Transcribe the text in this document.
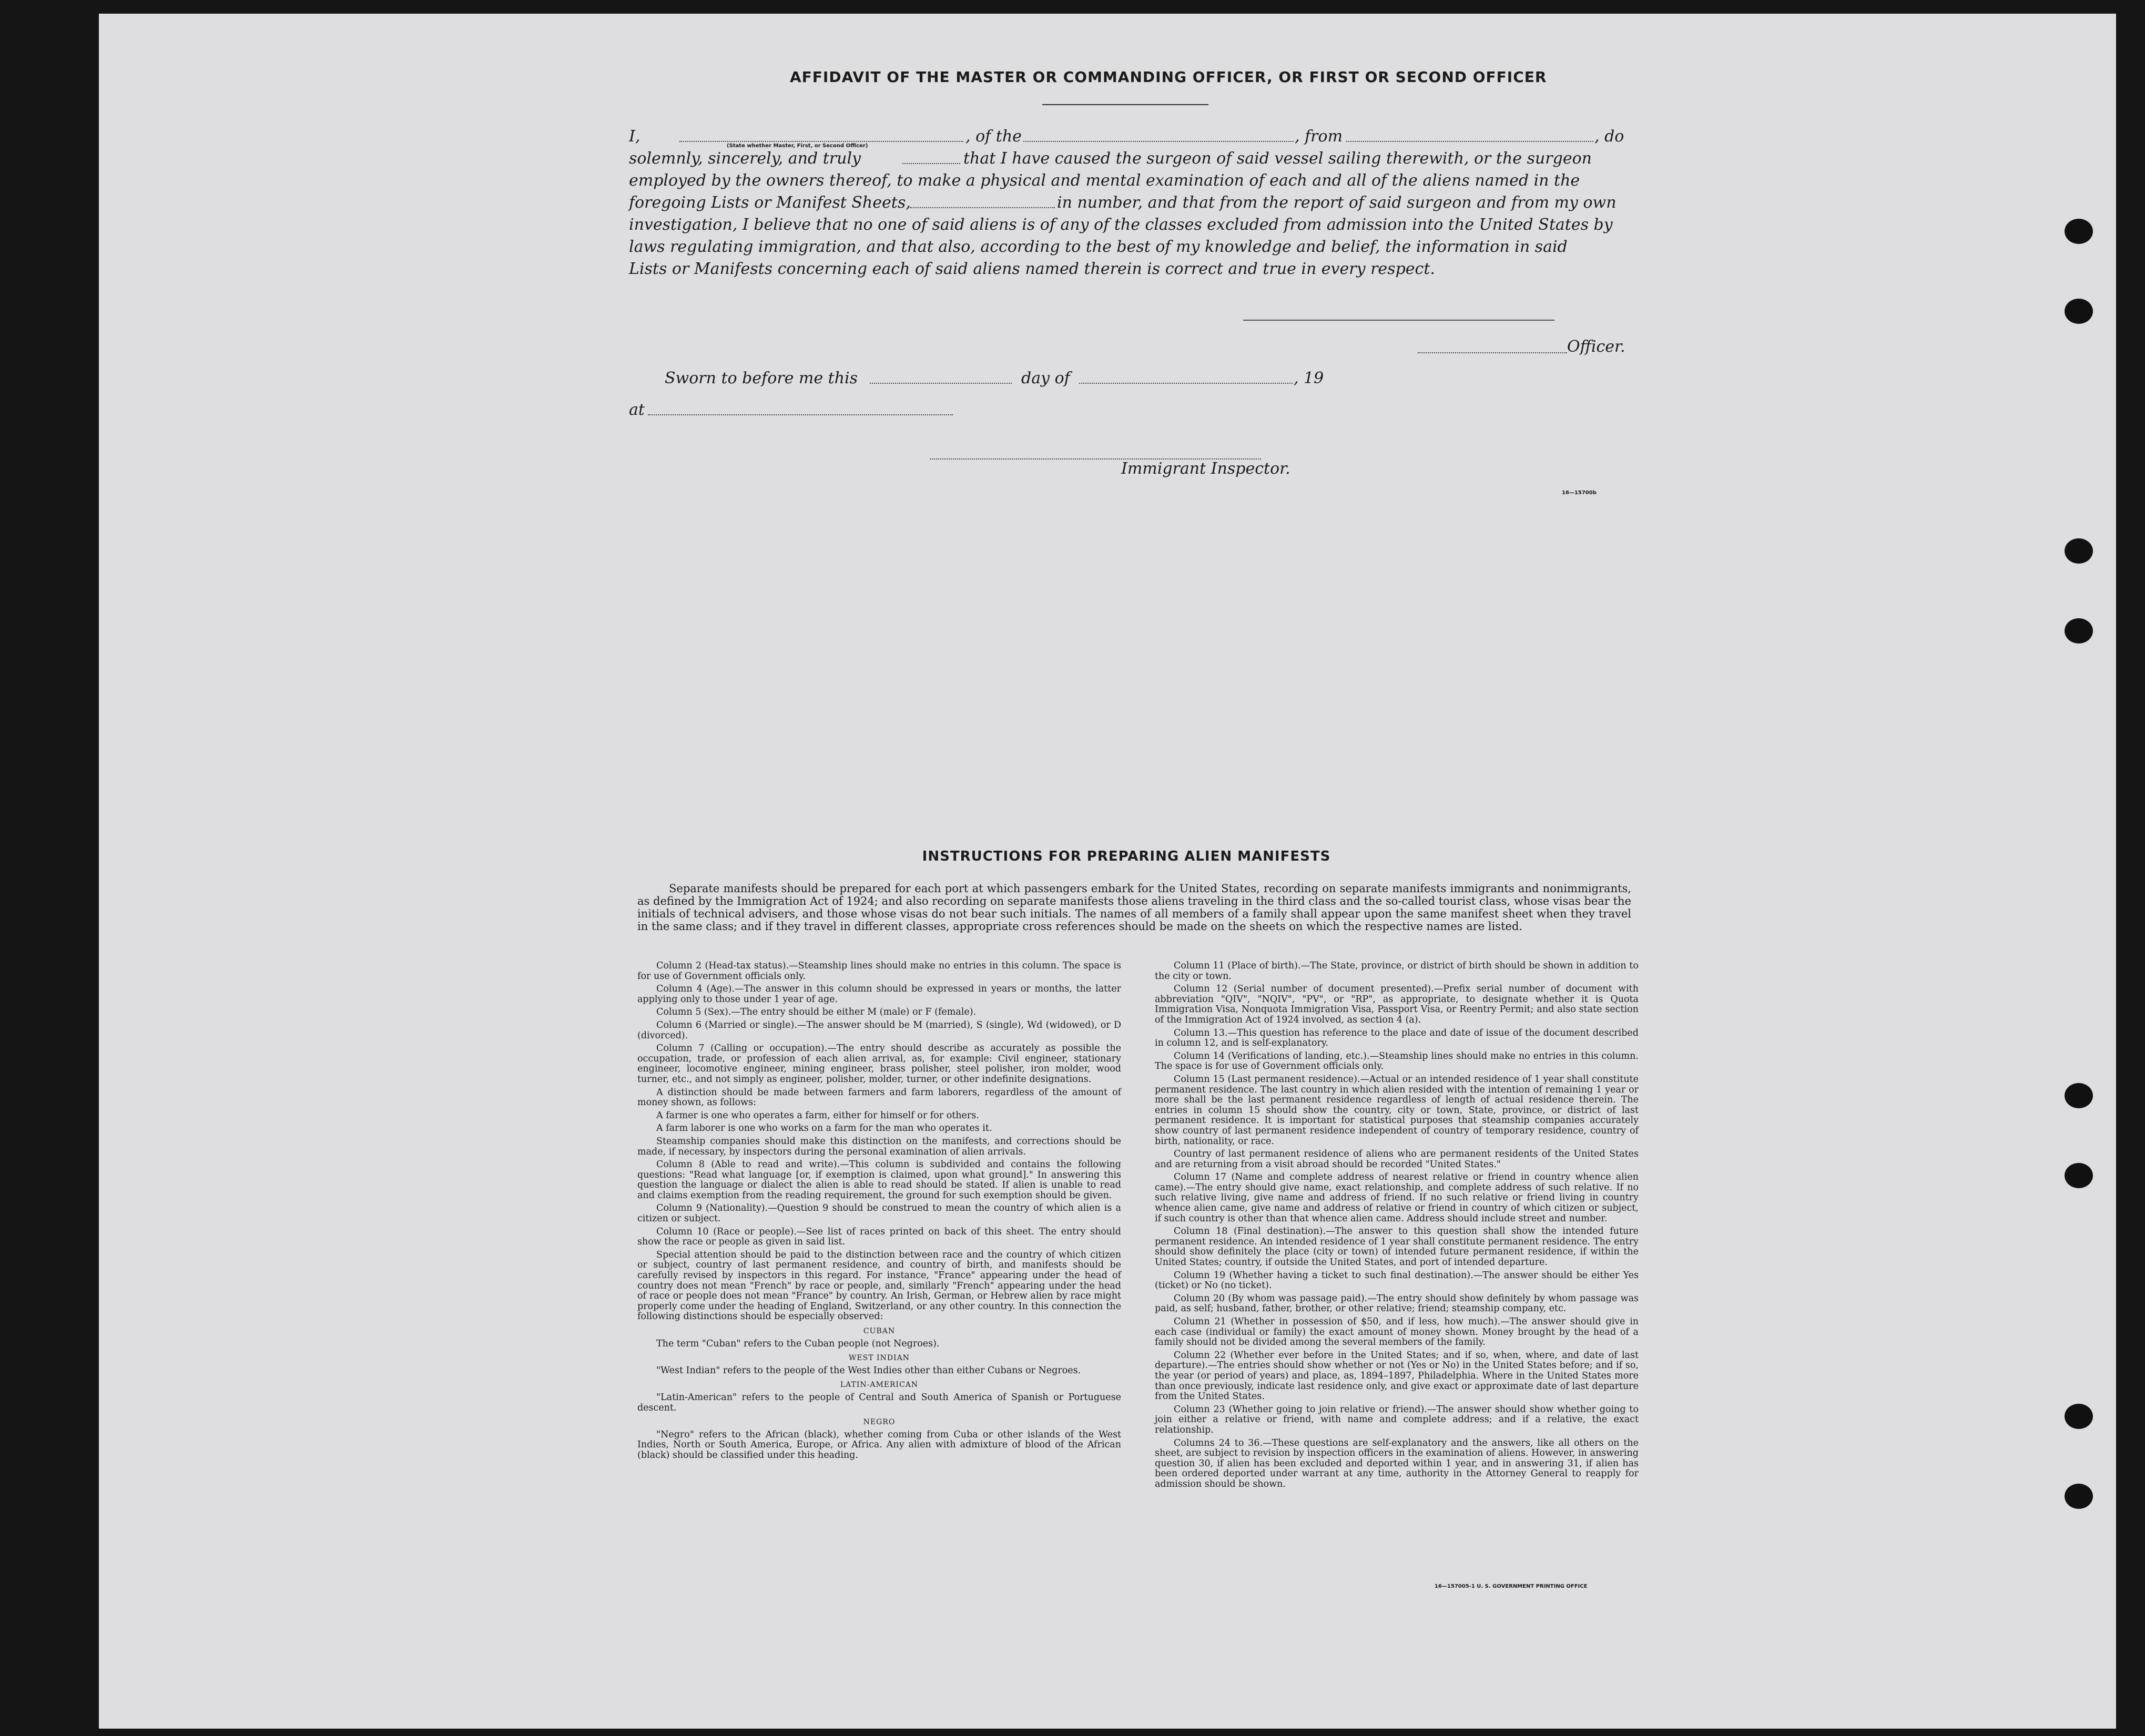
AFFIDAVIT OF THE MASTER OR COMMANDING OFFICER, OR FIRST OR SECOND OFFICER
I,
(State whether Master, First, or Second Officer)
, of the	, from	, do
solemnly, sincerely, and truly	that I have caused the surgeon of said vessel sailing therewith, or the surgeon
employed by the owners thereof, to make a physical and mental examination of each and all of the aliens named in the
foregoing Lists or Manifest Sheets,	in number, and that from the report of said surgeon and from my own
investigation, I believe that no one of said aliens is of any of the classes excluded from admission into the United States by
laws regulating immigration, and that also, according to the best of my knowledge and belief, the information in said
Lists or Manifests concerning each of said aliens named therein is correct and true in every respect.
Officer.
Sworn to before me this	day of	, 19
at
Immigrant Inspector.
16—15700b
INSTRUCTIONS FOR PREPARING ALIEN MANIFESTS
Separate manifests should be prepared for each port at which passengers embark for the United States, recording on separate manifests immigrants and nonimmigrants, as defined by the Immigration Act of 1924; and also recording on separate manifests those aliens traveling in the third class and the so-called tourist class, whose visas bear the initials of technical advisers, and those whose visas do not bear such initials. The names of all members of a family shall appear upon the same manifest sheet when they travel in the same class; and if they travel in different classes, appropriate cross references should be made on the sheets on which the respective names are listed.

Column 2 (Head-tax status).—Steamship lines should make no entries in this column. The space is for use of Government officials only.

Column 4 (Age).—The answer in this column should be expressed in years or months, the latter applying only to those under 1 year of age.

Column 5 (Sex).—The entry should be either M (male) or F (female).

Column 6 (Married or single).—The answer should be M (married), S (single), Wd (widowed), or D (divorced).

Column 7 (Calling or occupation).—The entry should describe as accurately as possible the occupation, trade, or profession of each alien arrival, as, for example: Civil engineer, stationary engineer, locomotive engineer, mining engineer, brass polisher, steel polisher, iron molder, wood turner, etc., and not simply as engineer, polisher, molder, turner, or other indefinite designations.

A distinction should be made between farmers and farm laborers, regardless of the amount of money shown, as follows:

A farmer is one who operates a farm, either for himself or for others.

A farm laborer is one who works on a farm for the man who operates it.

Steamship companies should make this distinction on the manifests, and corrections should be made, if necessary, by inspectors during the personal examination of alien arrivals.

Column 8 (Able to read and write).—This column is subdivided and contains the following questions: "Read what language [or, if exemption is claimed, upon what ground]." In answering this question the language or dialect the alien is able to read should be stated. If alien is unable to read and claims exemption from the reading requirement, the ground for such exemption should be given.

Column 9 (Nationality).—Question 9 should be construed to mean the country of which alien is a citizen or subject.

Column 10 (Race or people).—See list of races printed on back of this sheet. The entry should show the race or people as given in said list.

Special attention should be paid to the distinction between race and the country of which citizen or subject, country of last permanent residence, and country of birth, and manifests should be carefully revised by inspectors in this regard. For instance, "France" appearing under the head of country does not mean "French" by race or people, and, similarly "French" appearing under the head of race or people does not mean "France" by country. An Irish, German, or Hebrew alien by race might properly come under the heading of England, Switzerland, or any other country. In this connection the following distinctions should be especially observed:

CUBAN

The term "Cuban" refers to the Cuban people (not Negroes).

WEST INDIAN

"West Indian" refers to the people of the West Indies other than either Cubans or Negroes.

LATIN-AMERICAN

"Latin-American" refers to the people of Central and South America of Spanish or Portuguese descent.

NEGRO

"Negro" refers to the African (black), whether coming from Cuba or other islands of the West Indies, North or South America, Europe, or Africa. Any alien with admixture of blood of the African (black) should be classified under this heading.

Column 11 (Place of birth).—The State, province, or district of birth should be shown in addition to the city or town.

Column 12 (Serial number of document presented).—Prefix serial number of document with abbreviation "QIV", "NQIV", "PV", or "RP", as appropriate, to designate whether it is Quota Immigration Visa, Nonquota Immigration Visa, Passport Visa, or Reentry Permit; and also state section of the Immigration Act of 1924 involved, as section 4 (a).

Column 13.—This question has reference to the place and date of issue of the document described in column 12, and is self-explanatory.

Column 14 (Verifications of landing, etc.).—Steamship lines should make no entries in this column. The space is for use of Government officials only.

Column 15 (Last permanent residence).—Actual or an intended residence of 1 year shall constitute permanent residence. The last country in which alien resided with the intention of remaining 1 year or more shall be the last permanent residence regardless of length of actual residence therein. The entries in column 15 should show the country, city or town, State, province, or district of last permanent residence. It is important for statistical purposes that steamship companies accurately show country of last permanent residence independent of country of temporary residence, country of birth, nationality, or race.

Country of last permanent residence of aliens who are permanent residents of the United States and are returning from a visit abroad should be recorded "United States."

Column 17 (Name and complete address of nearest relative or friend in country whence alien came).—The entry should give name, exact relationship, and complete address of such relative. If no such relative living, give name and address of friend. If no such relative or friend living in country whence alien came, give name and address of relative or friend in country of which citizen or subject, if such country is other than that whence alien came. Address should include street and number.

Column 18 (Final destination).—The answer to this question shall show the intended future permanent residence. An intended residence of 1 year shall constitute permanent residence. The entry should show definitely the place (city or town) of intended future permanent residence, if within the United States; country, if outside the United States, and port of intended departure.

Column 19 (Whether having a ticket to such final destination).—The answer should be either Yes (ticket) or No (no ticket).

Column 20 (By whom was passage paid).—The entry should show definitely by whom passage was paid, as self; husband, father, brother, or other relative; friend; steamship company, etc.

Column 21 (Whether in possession of $50, and if less, how much).—The answer should give in each case (individual or family) the exact amount of money shown. Money brought by the head of a family should not be divided among the several members of the family.

Column 22 (Whether ever before in the United States; and if so, when, where, and date of last departure).—The entries should show whether or not (Yes or No) in the United States before; and if so, the year (or period of years) and place, as, 1894–1897, Philadelphia. Where in the United States more than once previously, indicate last residence only, and give exact or approximate date of last departure from the United States.

Column 23 (Whether going to join relative or friend).—The answer should show whether going to join either a relative or friend, with name and complete address; and if a relative, the exact relationship.

Columns 24 to 36.—These questions are self-explanatory and the answers, like all others on the sheet, are subject to revision by inspection officers in the examination of aliens. However, in answering question 30, if alien has been excluded and deported within 1 year, and in answering 31, if alien has been ordered deported under warrant at any time, authority in the Attorney General to reapply for admission should be shown.

16—157005-1 U. S. GOVERNMENT PRINTING OFFICE
